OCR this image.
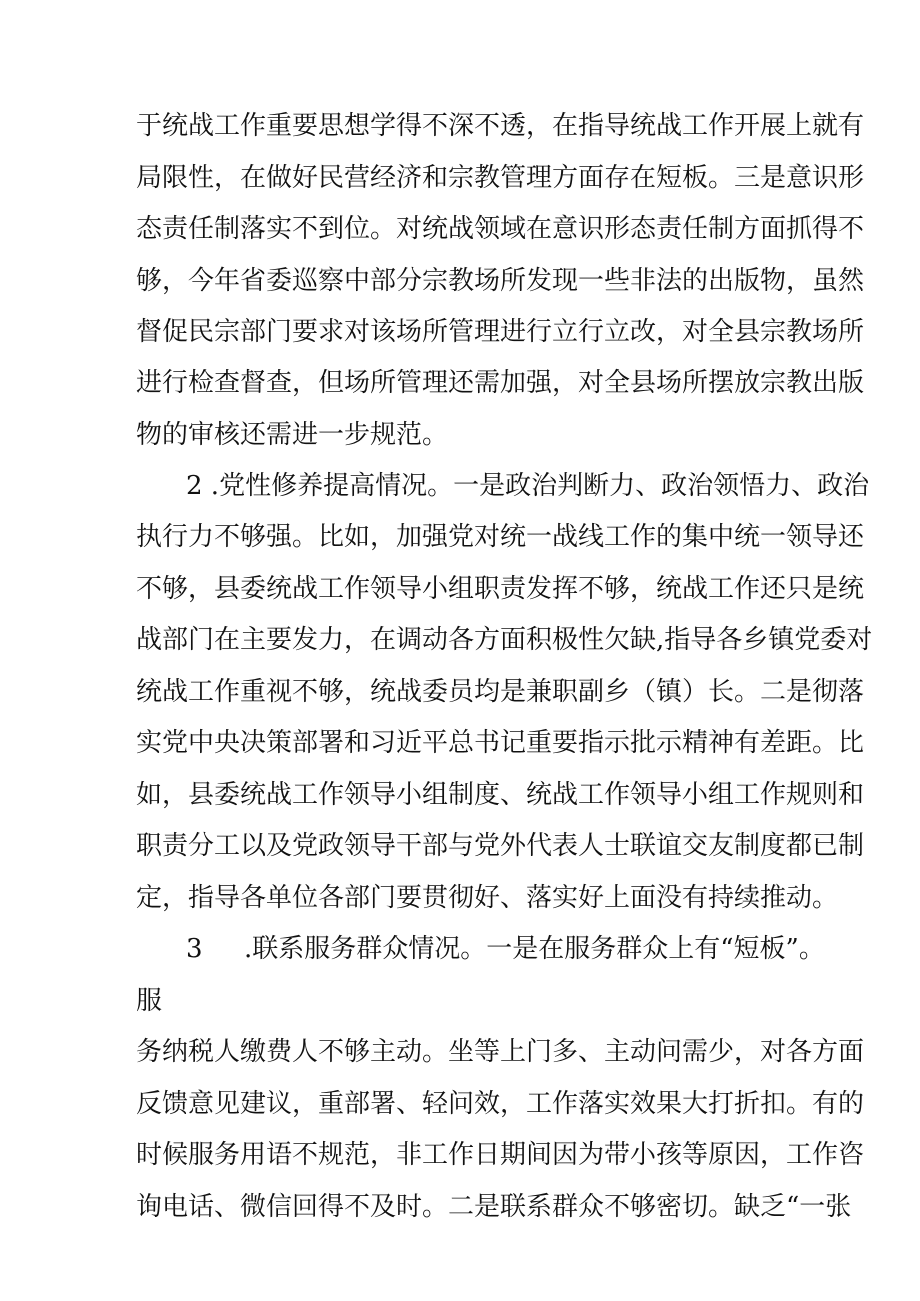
于统战工作重要思想学得不深不透，在指导统战工作开展上就有
局限性，在做好民营经济和宗教管理方面存在短板。三是意识形
态责任制落实不到位。对统战领域在意识形态责任制方面抓得不
够，今年省委巡察中部分宗教场所发现一些非法的出版物，虽然
督促民宗部门要求对该场所管理进行立行立改，对全县宗教场所
进行检查督查，但场所管理还需加强，对全县场所摆放宗教出版
物的审核还需进一步规范。
2 .党性修养提高情况。一是政治判断力、政治领悟力、政治
执行力不够强。比如，加强党对统一战线工作的集中统一领导还
不够，县委统战工作领导小组职责发挥不够，统战工作还只是统
战部门在主要发力，在调动各方面积极性欠缺,指导各乡镇党委对
统战工作重视不够，统战委员均是兼职副乡（镇）长。二是彻落
实党中央决策部署和习近平总书记重要指示批示精神有差距。比
如，县委统战工作领导小组制度、统战工作领导小组工作规则和
职责分工以及党政领导干部与党外代表人士联谊交友制度都已制
定，指导各单位各部门要贯彻好、落实好上面没有持续推动。
3 .联系服务群众情况。一是在服务群众上有“短板”。
服
务纳税人缴费人不够主动。坐等上门多、主动问需少，对各方面
反馈意见建议，重部署、轻问效，工作落实效果大打折扣。有的
时候服务用语不规范，非工作日期间因为带小孩等原因，工作咨
询电话、微信回得不及时。二是联系群众不够密切。缺乏“一张
